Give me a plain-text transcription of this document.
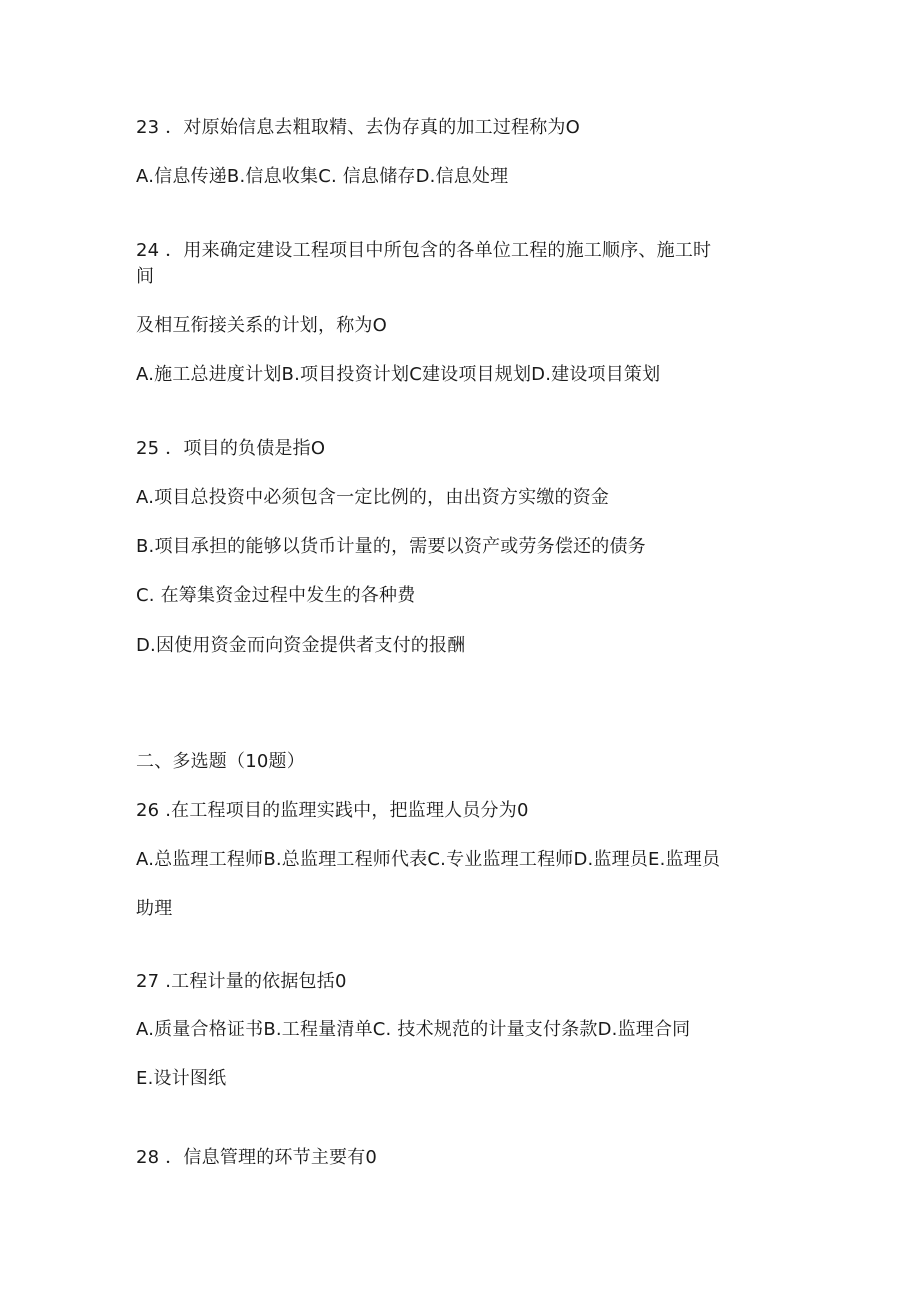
23 ．对原始信息去粗取精、去伪存真的加工过程称为O
A.信息传递B.信息收集C. 信息储存D.信息处理
24 ．用来确定建设工程项目中所包含的各单位工程的施工顺序、施工时
间
及相互衔接关系的计划，称为O
A.施工总进度计划B.项目投资计划C建设项目规划D.建设项目策划
25 ．项目的负债是指O
A.项目总投资中必须包含一定比例的，由出资方实缴的资金
B.项目承担的能够以货币计量的，需要以资产或劳务偿还的债务
C. 在筹集资金过程中发生的各种费
D.因使用资金而向资金提供者支付的报酬
二、多选题（10题）
26 .在工程项目的监理实践中，把监理人员分为0
A.总监理工程师B.总监理工程师代表C.专业监理工程师D.监理员E.监理员
助理
27 .工程计量的依据包括0
A.质量合格证书B.工程量清单C. 技术规范的计量支付条款D.监理合同
E.设计图纸
28 ．信息管理的环节主要有0
